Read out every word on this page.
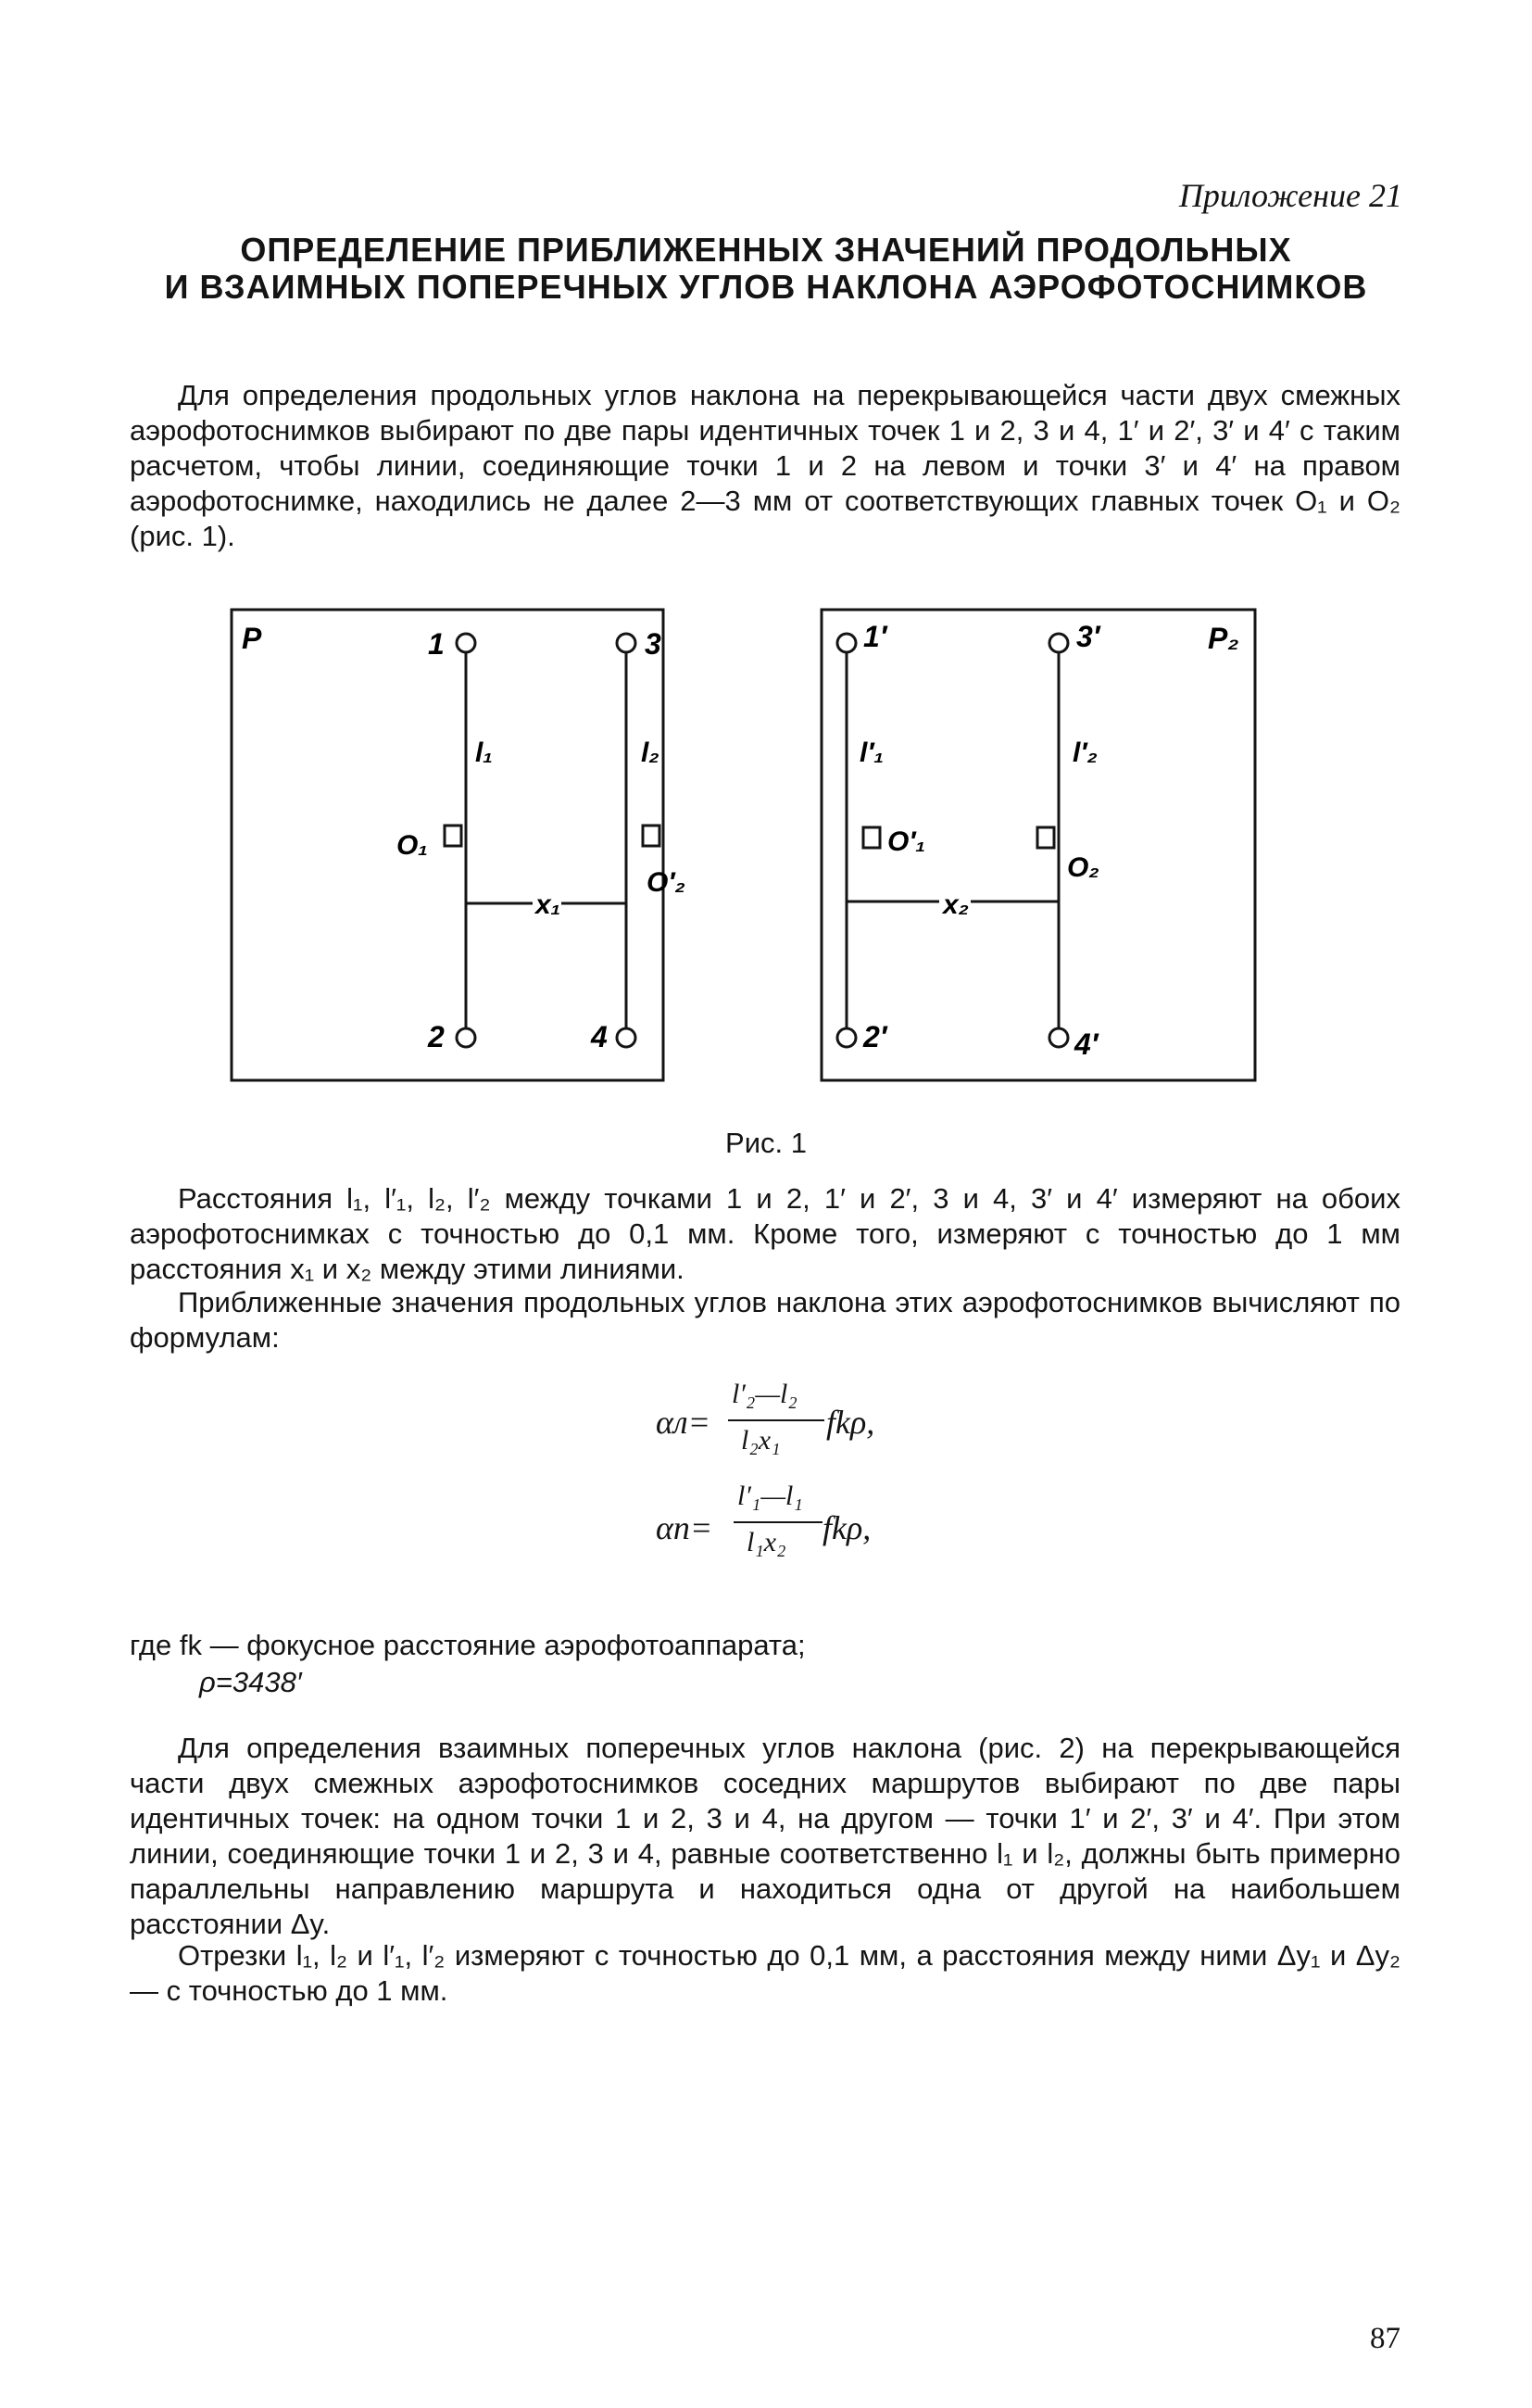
Приложение 21
ОПРЕДЕЛЕНИЕ ПРИБЛИЖЕННЫХ ЗНАЧЕНИЙ ПРОДОЛЬНЫХ
И ВЗАИМНЫХ ПОПЕРЕЧНЫХ УГЛОВ НАКЛОНА АЭРОФОТОСНИМКОВ
Для определения продольных углов наклона на перекрывающейся части двух смежных аэрофотоснимков выбирают по две пары идентичных точек 1 и 2, 3 и 4, 1′ и 2′, 3′ и 4′ с таким расчетом, чтобы линии, соединяющие точки 1 и 2 на левом и точки 3′ и 4′ на правом аэрофотоснимке, находились не далее 2—3 мм от соответствующих главных точек O₁ и O₂ (рис. 1).
P	1	3
2	4
l₁	l₂
O₁
O′₂
x₁
P₂
1′	3′
2′	4′
l′₁	l′₂
O′₁
O₂
x₂
Рис. 1
Расстояния l₁, l′₁, l₂, l′₂ между точками 1 и 2, 1′ и 2′, 3 и 4, 3′ и 4′ измеряют на обоих аэрофотоснимках с точностью до 0,1 мм. Кроме того, измеряют с точностью до 1 мм расстояния x₁ и x₂ между этими линиями.
Приближенные значения продольных углов наклона этих аэрофотоснимков вычисляют по формулам:
αл=
l′₂—l₂
l₂x₁ fkρ,
αп=
l′₁—l₁
l₁x₂ fkρ,
где fk — фокусное расстояние аэрофотоаппарата;
ρ=3438′
Для определения взаимных поперечных углов наклона (рис. 2) на перекрывающейся части двух смежных аэрофотоснимков соседних маршрутов выбирают по две пары идентичных точек: на одном точки 1 и 2, 3 и 4, на другом — точки 1′ и 2′, 3′ и 4′. При этом линии, соединяющие точки 1 и 2, 3 и 4, равные соответственно l₁ и l₂, должны быть примерно параллельны направлению маршрута и находиться одна от другой на наибольшем расстоянии Δy.
Отрезки l₁, l₂ и l′₁, l′₂ измеряют с точностью до 0,1 мм, а расстояния между ними Δy₁ и Δy₂ — с точностью до 1 мм.
87
